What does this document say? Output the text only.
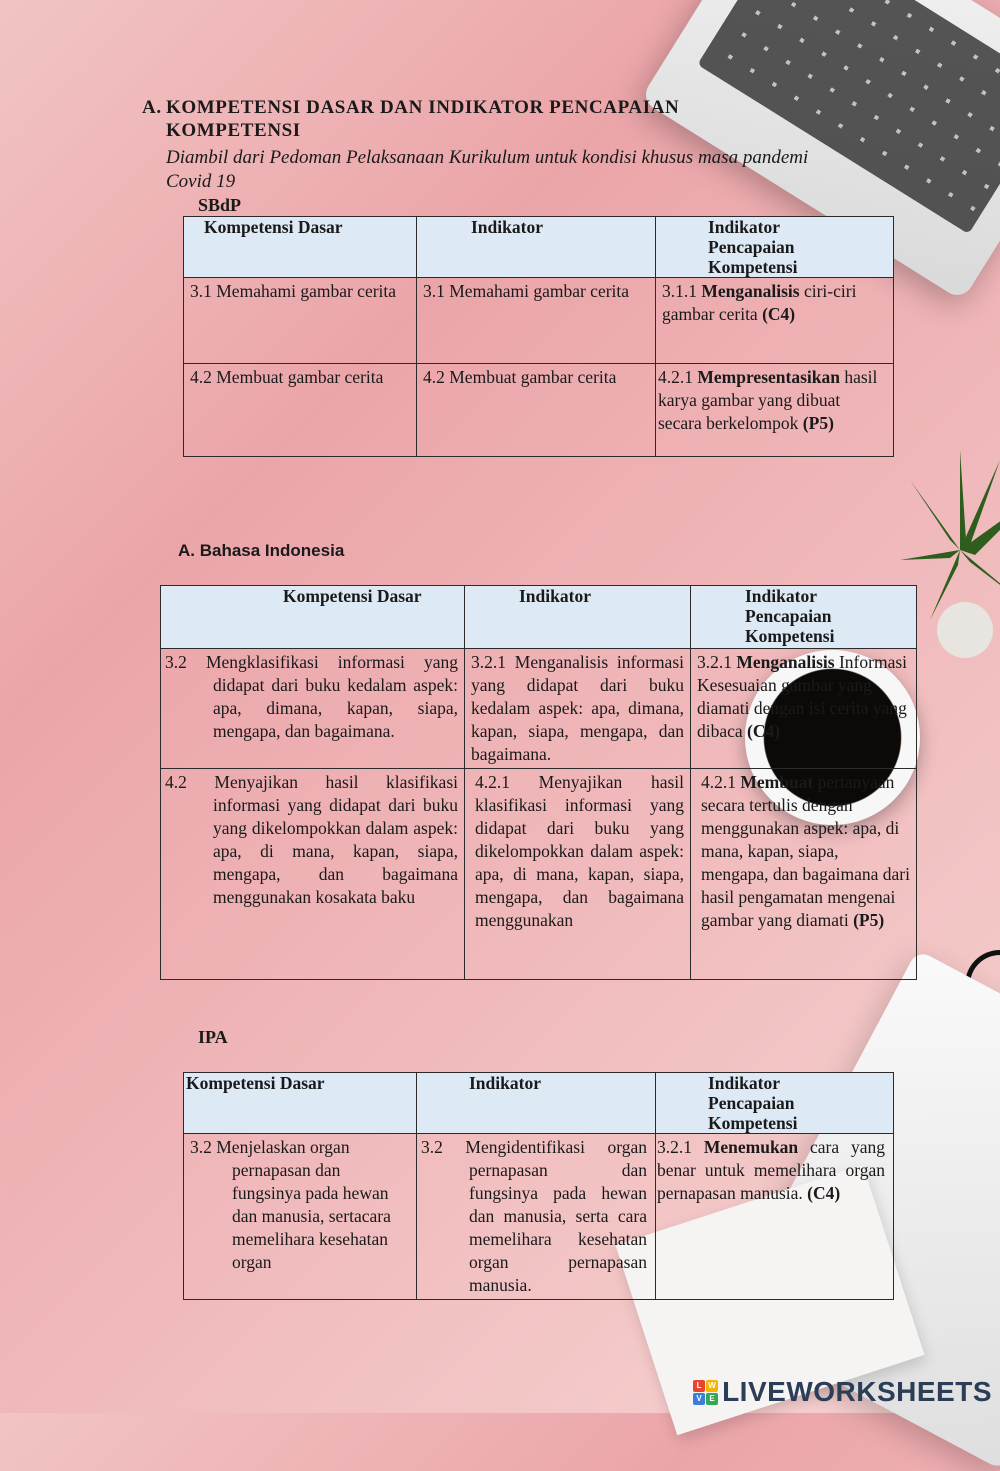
A. KOMPETENSI DASAR DAN INDIKATOR PENCAPAIAN KOMPETENSI
Diambil dari Pedoman Pelaksanaan Kurikulum untuk kondisi khusus masa pandemi Covid 19
SBdP
Kompetensi Dasar	Indikator	Indikator Pencapaian Kompetensi
3.1 Memahami gambar cerita	3.1 Memahami gambar cerita	3.1.1 Menganalisis ciri-ciri gambar cerita (C4)
4.2 Membuat gambar cerita	4.2 Membuat gambar cerita	4.2.1 Mempresentasikan hasil karya gambar yang dibuat secara berkelompok (P5)
A. Bahasa Indonesia
Kompetensi Dasar	Indikator	Indikator Pencapaian Kompetensi
3.2 Mengklasifikasi informasi yang didapat dari buku kedalam aspek: apa, dimana, kapan, siapa, mengapa, dan bagaimana.	3.2.1 Menganalisis informasi yang didapat dari buku kedalam aspek: apa, dimana, kapan, siapa, mengapa, dan bagaimana.	3.2.1 Menganalisis Informasi Kesesuaian gambar yang diamati dengan isi cerita yang dibaca (C4)
4.2 Menyajikan hasil klasifikasi informasi yang didapat dari buku yang dikelompokkan dalam aspek: apa, di mana, kapan, siapa, mengapa, dan bagaimana menggunakan kosakata baku	4.2.1 Menyajikan hasil klasifikasi informasi yang didapat dari buku yang dikelompokkan dalam aspek: apa, di mana, kapan, siapa, mengapa, dan bagaimana menggunakan	4.2.1 Membuat pertanyaan secara tertulis dengan menggunakan aspek: apa, di mana, kapan, siapa, mengapa, dan bagaimana dari hasil pengamatan mengenai gambar yang diamati (P5)
IPA
Kompetensi Dasar	Indikator	Indikator Pencapaian Kompetensi
3.2 Menjelaskan organ pernapasan dan fungsinya pada hewan dan manusia, sertacara memelihara kesehatan organ	3.2 Mengidentifikasi organ pernapasan dan fungsinya pada hewan dan manusia, serta cara memelihara kesehatan organ pernapasan manusia.	3.2.1 Menemukan cara yang benar untuk memelihara organ pernapasan manusia. (C4)
L W
V E LIVEWORKSHEETS
